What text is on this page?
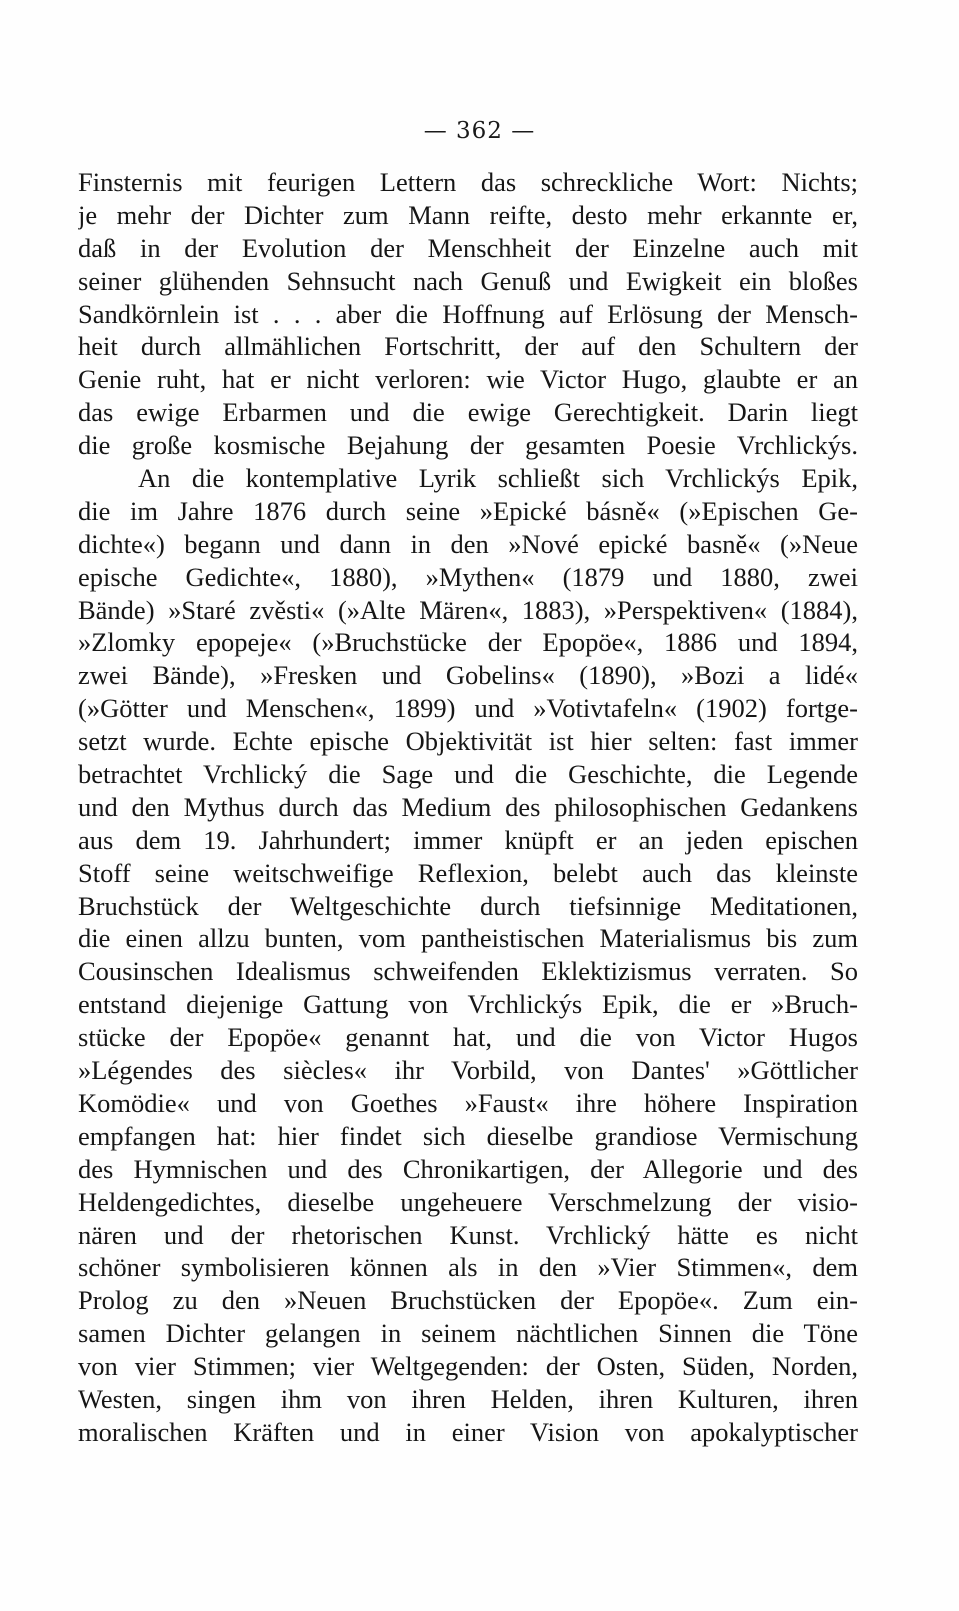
— 362 —
Finsternis mit feurigen Lettern das schreckliche Wort: Nichts;
je mehr der Dichter zum Mann reifte, desto mehr erkannte er,
daß in der Evolution der Menschheit der Einzelne auch mit
seiner glühenden Sehnsucht nach Genuß und Ewigkeit ein bloßes
Sandkörnlein ist . . . aber die Hoffnung auf Erlösung der Mensch-
heit durch allmählichen Fortschritt, der auf den Schultern der
Genie ruht, hat er nicht verloren: wie Victor Hugo, glaubte er an
das ewige Erbarmen und die ewige Gerechtigkeit. Darin liegt
die große kosmische Bejahung der gesamten Poesie Vrchlickýs.
An die kontemplative Lyrik schließt sich Vrchlickýs Epik,
die im Jahre 1876 durch seine »Epické básně« (»Epischen Ge-
dichte«) begann und dann in den »Nové epické basně« (»Neue
epische Gedichte«, 1880), »Mythen« (1879 und 1880, zwei
Bände) »Staré zvěsti« (»Alte Mären«, 1883), »Perspektiven« (1884),
»Zlomky epopeje« (»Bruchstücke der Epopöe«, 1886 und 1894,
zwei Bände), »Fresken und Gobelins« (1890), »Bozi a lidé«
(»Götter und Menschen«, 1899) und »Votivtafeln« (1902) fortge-
setzt wurde. Echte epische Objektivität ist hier selten: fast immer
betrachtet Vrchlický die Sage und die Geschichte, die Legende
und den Mythus durch das Medium des philosophischen Gedankens
aus dem 19. Jahrhundert; immer knüpft er an jeden epischen
Stoff seine weitschweifige Reflexion, belebt auch das kleinste
Bruchstück der Weltgeschichte durch tiefsinnige Meditationen,
die einen allzu bunten, vom pantheistischen Materialismus bis zum
Cousinschen Idealismus schweifenden Eklektizismus verraten. So
entstand diejenige Gattung von Vrchlickýs Epik, die er »Bruch-
stücke der Epopöe« genannt hat, und die von Victor Hugos
»Légendes des siècles« ihr Vorbild, von Dantes' »Göttlicher
Komödie« und von Goethes »Faust« ihre höhere Inspiration
empfangen hat: hier findet sich dieselbe grandiose Vermischung
des Hymnischen und des Chronikartigen, der Allegorie und des
Heldengedichtes, dieselbe ungeheuere Verschmelzung der visio-
nären und der rhetorischen Kunst. Vrchlický hätte es nicht
schöner symbolisieren können als in den »Vier Stimmen«, dem
Prolog zu den »Neuen Bruchstücken der Epopöe«. Zum ein-
samen Dichter gelangen in seinem nächtlichen Sinnen die Töne
von vier Stimmen; vier Weltgegenden: der Osten, Süden, Norden,
Westen, singen ihm von ihren Helden, ihren Kulturen, ihren
moralischen Kräften und in einer Vision von apokalyptischer
